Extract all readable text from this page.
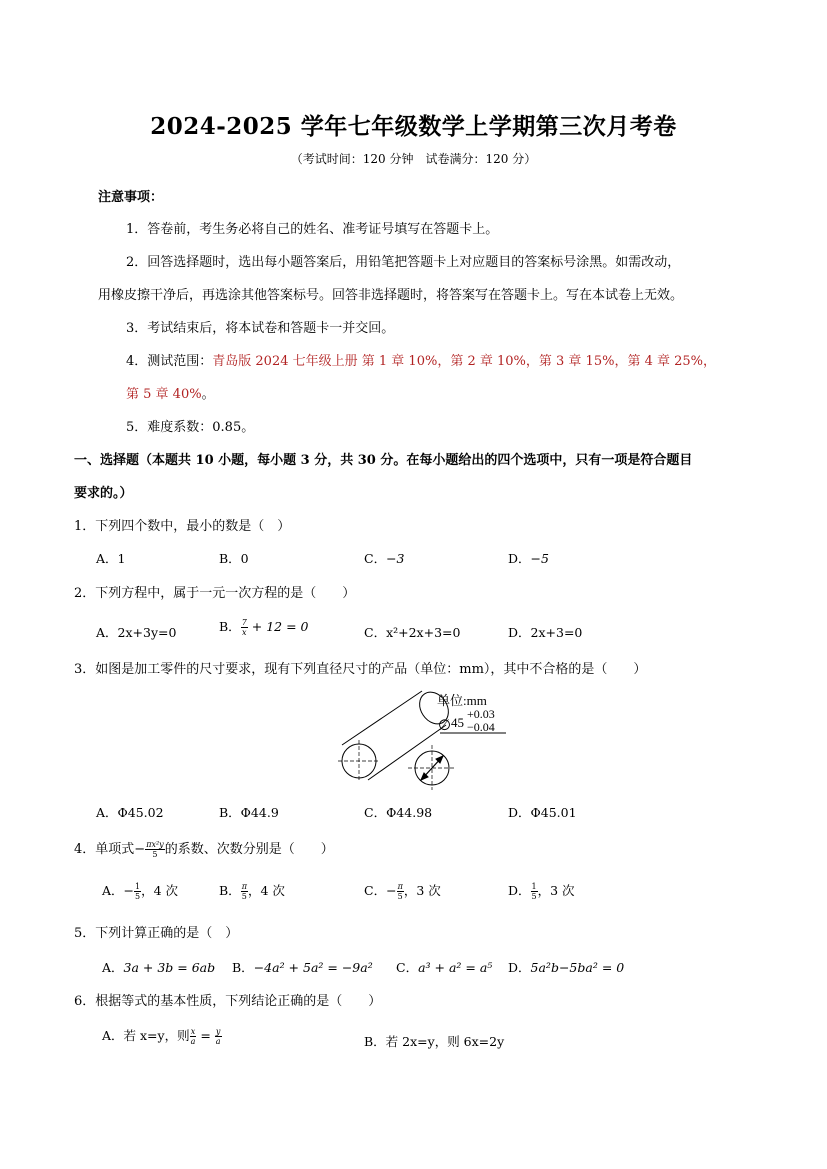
2024-2025 学年七年级数学上学期第三次月考卷
（考试时间：120 分钟　试卷满分：120 分）
注意事项：
1．答卷前，考生务必将自己的姓名、准考证号填写在答题卡上。
2．回答选择题时，选出每小题答案后，用铅笔把答题卡上对应题目的答案标号涂黑。如需改动，
用橡皮擦干净后，再选涂其他答案标号。回答非选择题时，将答案写在答题卡上。写在本试卷上无效。
3．考试结束后，将本试卷和答题卡一并交回。
4．测试范围：青岛版 2024 七年级上册 第 1 章 10%，第 2 章 10%，第 3 章 15%，第 4 章 25%，
第 5 章 40%。
5．难度系数：0.85。
一、选择题（本题共 10 小题，每小题 3 分，共 30 分。在每小题给出的四个选项中，只有一项是符合题目
要求的。）
1．下列四个数中，最小的数是（　）
A．1	B．0	C．−3	D．−5
2．下列方程中，属于一元一次方程的是（　　）
A．2x+3y=0	B． $\frac{7}{x} + 12 = 0$	C．x²+2x+3=0	D．2x+3=0
3．如图是加工零件的尺寸要求，现有下列直径尺寸的产品（单位：mm），其中不合格的是（　　）
单位:mm
∅ 45
+0.03
−0.04
A．Φ45.02	B．Φ44.9	C．Φ44.98	D．Φ45.01
4．单项式− $\frac{\text{πx²y}}{5}$ 的系数、次数分别是（　　）
A．− $\frac{1}{5}$ ，4 次	B． $\frac{\pi}{5}$ ，4 次	C．− $\frac{\pi}{5}$ ，3 次	D． $\frac{1}{5}$ ，3 次
5．下列计算正确的是（　）
A．3a + 3b = 6ab B．−4a² + 5a² = −9a² C．a³ + a² = a⁵ D．5a²b−5ba² = 0
6．根据等式的基本性质，下列结论正确的是（　　）
A．若 x=y，则 $\frac{x}{a} = \frac{y}{a}$	B．若 2x=y，则 6x=2y
